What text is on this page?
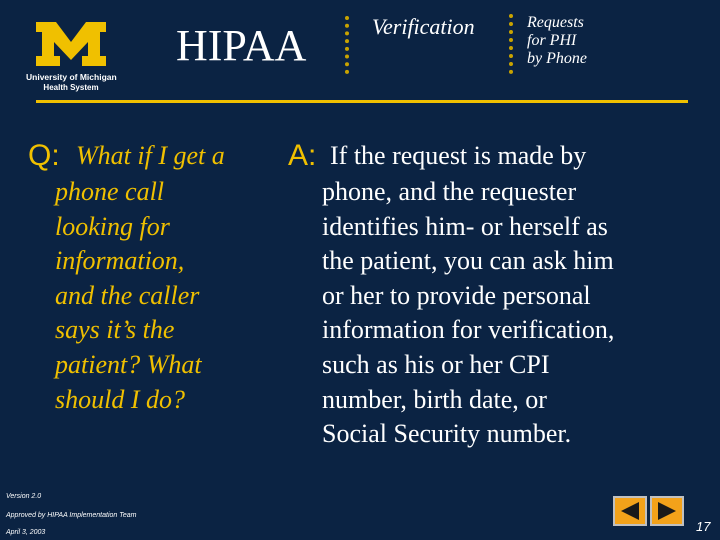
University of Michigan
Health System
HIPAA	Verification	Requests
for PHI
by Phone
Q: What if I get a
phone call
looking for
information,
and the caller
says it’s the
patient? What
should I do?
A: If the request is made by
phone, and the requester
identifies him- or herself as
the patient, you can ask him
or her to provide personal
information for verification,
such as his or her CPI
number, birth date, or
Social Security number.
Version 2.0
Approved by HIPAA Implementation Team
April 3, 2003	17
